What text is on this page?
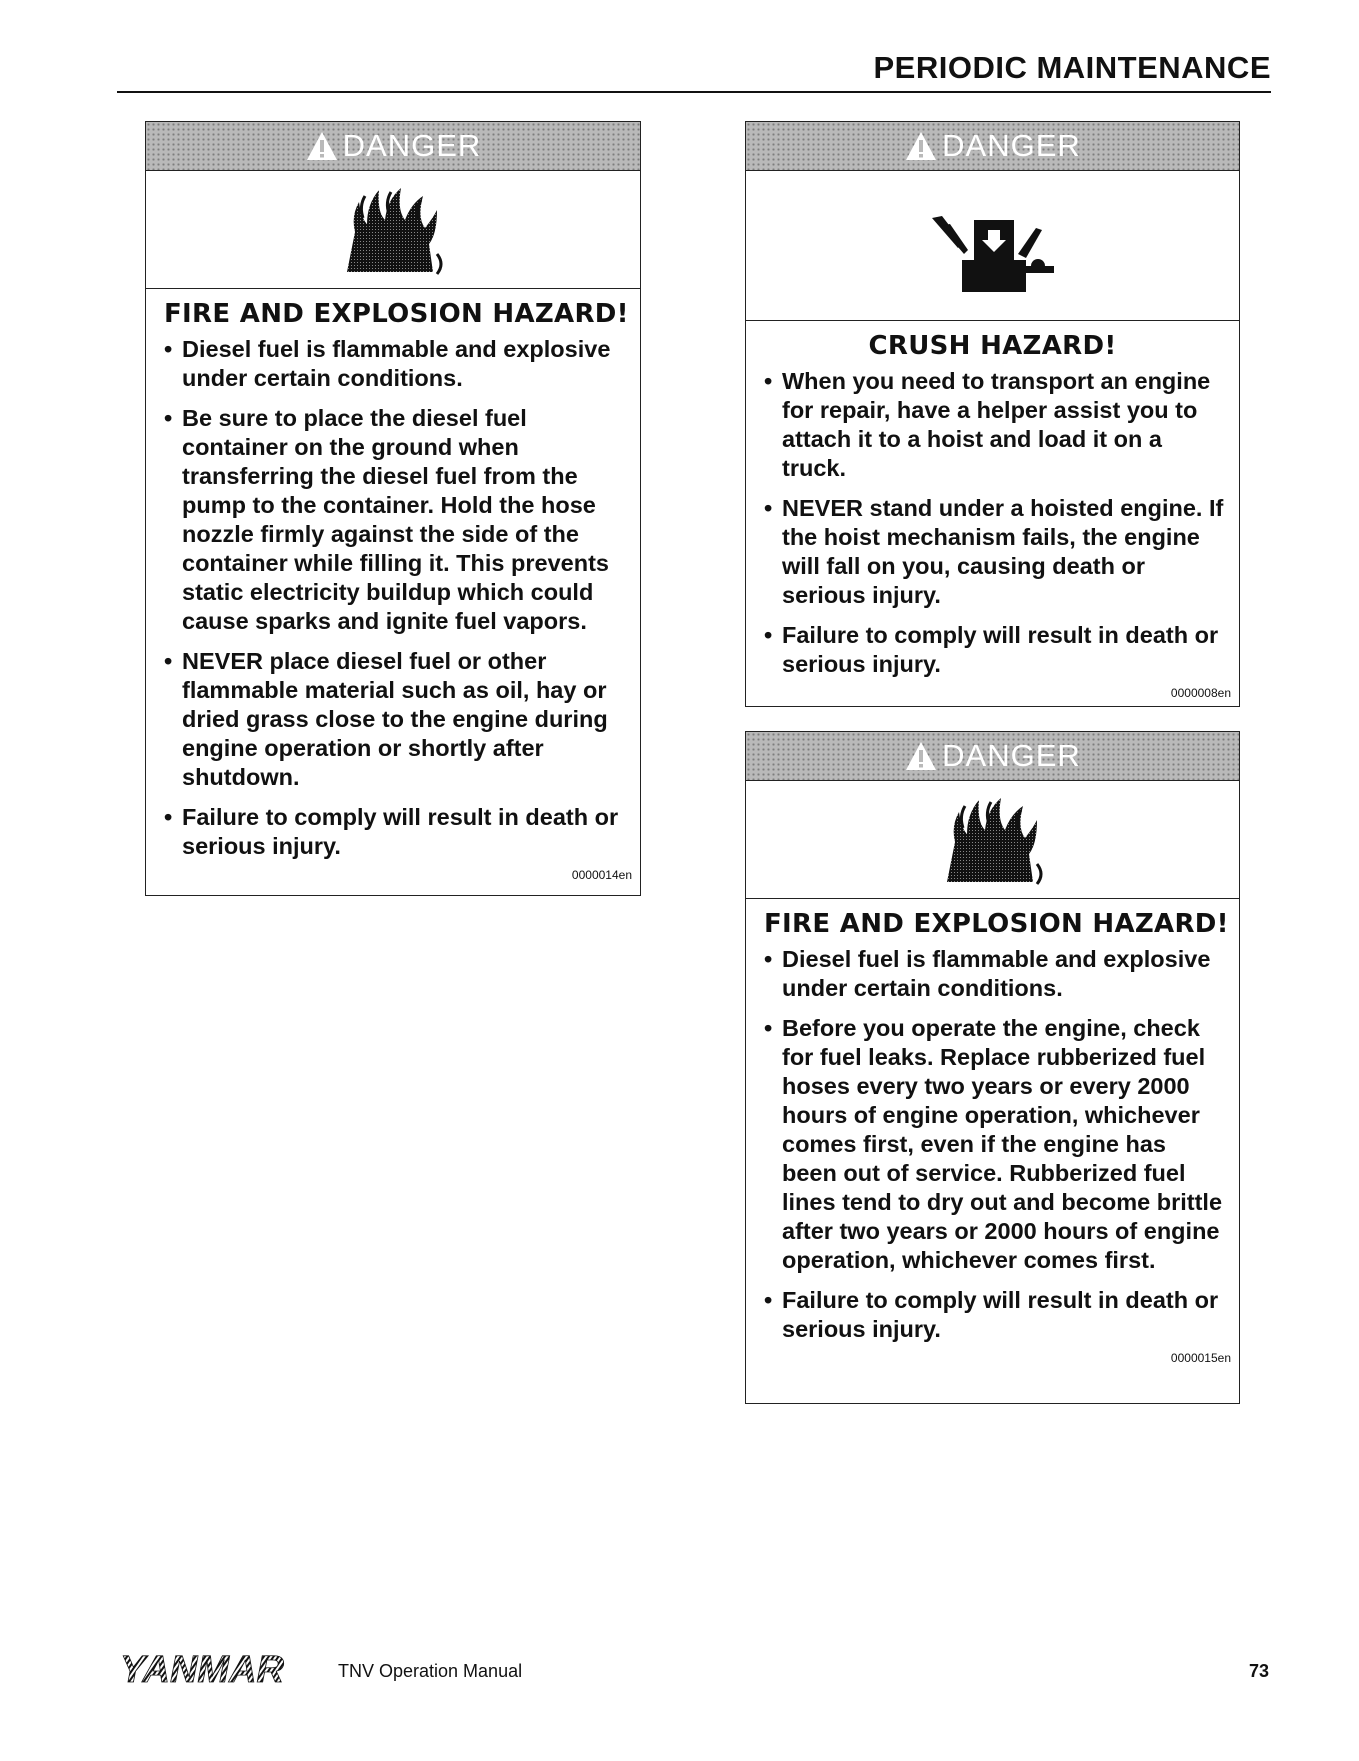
PERIODIC MAINTENANCE
DANGER
FIRE AND EXPLOSION HAZARD!
• Diesel fuel is flammable and explosive under certain conditions.
• Be sure to place the diesel fuel container on the ground when transferring the diesel fuel from the pump to the container. Hold the hose nozzle firmly against the side of the container while filling it. This prevents static electricity buildup which could cause sparks and ignite fuel vapors.
• NEVER place diesel fuel or other flammable material such as oil, hay or dried grass close to the engine during engine operation or shortly after shutdown.
• Failure to comply will result in death or serious injury.
0000014en
DANGER
CRUSH HAZARD!
• When you need to transport an engine for repair, have a helper assist you to attach it to a hoist and load it on a truck.
• NEVER stand under a hoisted engine. If the hoist mechanism fails, the engine will fall on you, causing death or serious injury.
• Failure to comply will result in death or serious injury.
0000008en
DANGER
FIRE AND EXPLOSION HAZARD!
• Diesel fuel is flammable and explosive under certain conditions.
• Before you operate the engine, check for fuel leaks. Replace rubberized fuel hoses every two years or every 2000 hours of engine operation, whichever comes first, even if the engine has been out of service. Rubberized fuel lines tend to dry out and become brittle after two years or 2000 hours of engine operation, whichever comes first.
• Failure to comply will result in death or serious injury.
0000015en
YANMAR	TNV Operation Manual	73
